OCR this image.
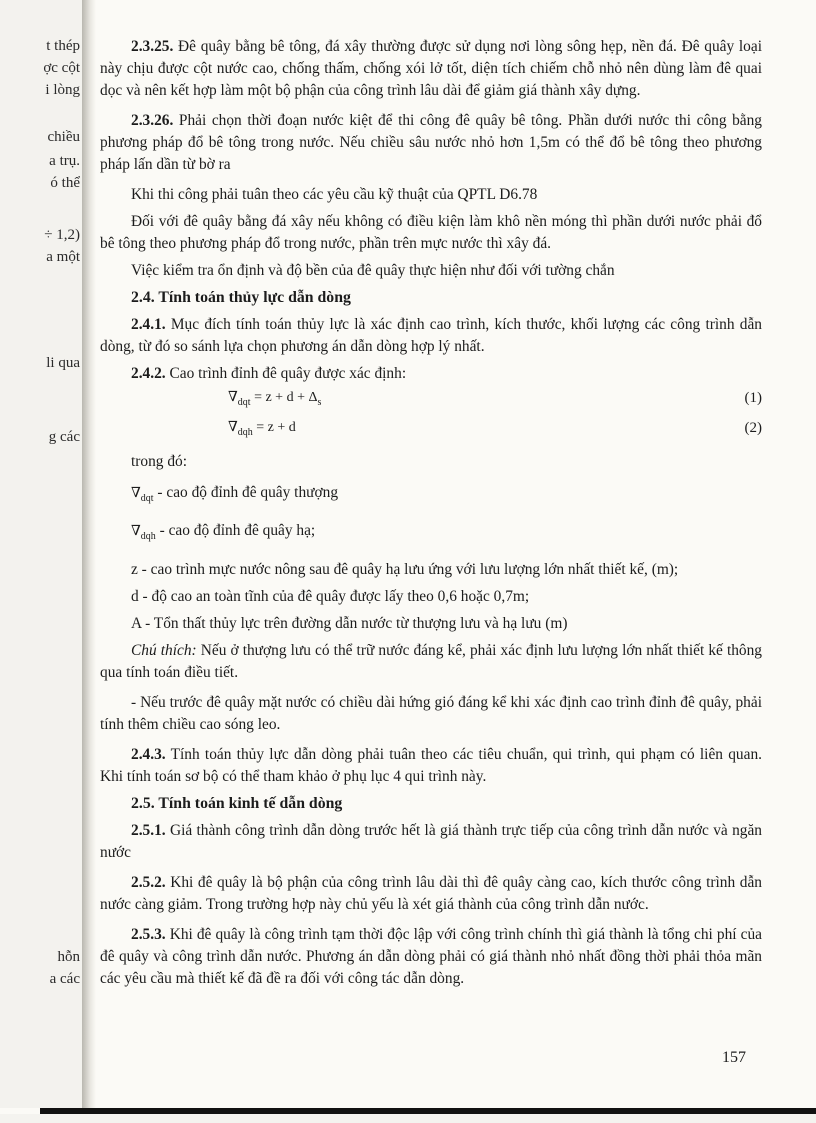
t thép
ợc cột
i lòng
chiều
a trụ.
ó thể
÷ 1,2)
a một
li qua
g các
hỗn
a các

2.3.25. Đê quây bằng bê tông, đá xây thường được sử dụng nơi lòng sông hẹp, nền đá. Đê quây loại này chịu được cột nước cao, chống thấm, chống xói lở tốt, diện tích chiếm chỗ nhỏ nên dùng làm đê quai dọc và nên kết hợp làm một bộ phận của công trình lâu dài để giảm giá thành xây dựng.

2.3.26. Phải chọn thời đoạn nước kiệt để thi công đê quây bê tông. Phần dưới nước thi công bằng phương pháp đổ bê tông trong nước. Nếu chiều sâu nước nhỏ hơn 1,5m có thể đổ bê tông theo phương pháp lấn dần từ bờ ra

Khi thi công phải tuân theo các yêu cầu kỹ thuật của QPTL D6.78

Đối với đê quây bằng đá xây nếu không có điều kiện làm khô nền móng thì phần dưới nước phải đổ bê tông theo phương pháp đổ trong nước, phần trên mực nước thì xây đá.

Việc kiểm tra ổn định và độ bền của đê quây thực hiện như đối với tường chắn

2.4. Tính toán thủy lực dẫn dòng

2.4.1. Mục đích tính toán thủy lực là xác định cao trình, kích thước, khối lượng các công trình dẫn dòng, từ đó so sánh lựa chọn phương án dẫn dòng hợp lý nhất.

2.4.2. Cao trình đỉnh đê quây được xác định:

$\nabla_{dqt} = z + d + \Delta_s$	(1)
$\nabla_{dqh} = z + d$	(2)

trong đó:

$\nabla_{dqt}$ - cao độ đỉnh đê quây thượng

$\nabla_{dqh}$ - cao độ đỉnh đê quây hạ;

z - cao trình mực nước nông sau đê quây hạ lưu ứng với lưu lượng lớn nhất thiết kế, (m);

d - độ cao an toàn tĩnh của đê quây được lấy theo 0,6 hoặc 0,7m;

A - Tổn thất thủy lực trên đường dẫn nước từ thượng lưu và hạ lưu (m)

Chú thích: Nếu ở thượng lưu có thể trữ nước đáng kể, phải xác định lưu lượng lớn nhất thiết kế thông qua tính toán điều tiết.

- Nếu trước đê quây mặt nước có chiều dài hứng gió đáng kể khi xác định cao trình đỉnh đê quây, phải tính thêm chiều cao sóng leo.

2.4.3. Tính toán thủy lực dẫn dòng phải tuân theo các tiêu chuẩn, qui trình, qui phạm có liên quan. Khi tính toán sơ bộ có thể tham khảo ở phụ lục 4 qui trình này.

2.5. Tính toán kinh tế dẫn dòng

2.5.1. Giá thành công trình dẫn dòng trước hết là giá thành trực tiếp của công trình dẫn nước và ngăn nước

2.5.2. Khi đê quây là bộ phận của công trình lâu dài thì đê quây càng cao, kích thước công trình dẫn nước càng giảm. Trong trường hợp này chủ yếu là xét giá thành của công trình dẫn nước.

2.5.3. Khi đê quây là công trình tạm thời độc lập với công trình chính thì giá thành là tổng chi phí của đê quây và công trình dẫn nước. Phương án dẫn dòng phải có giá thành nhỏ nhất đồng thời phải thỏa mãn các yêu cầu mà thiết kế đã đề ra đối với công tác dẫn dòng.

157
